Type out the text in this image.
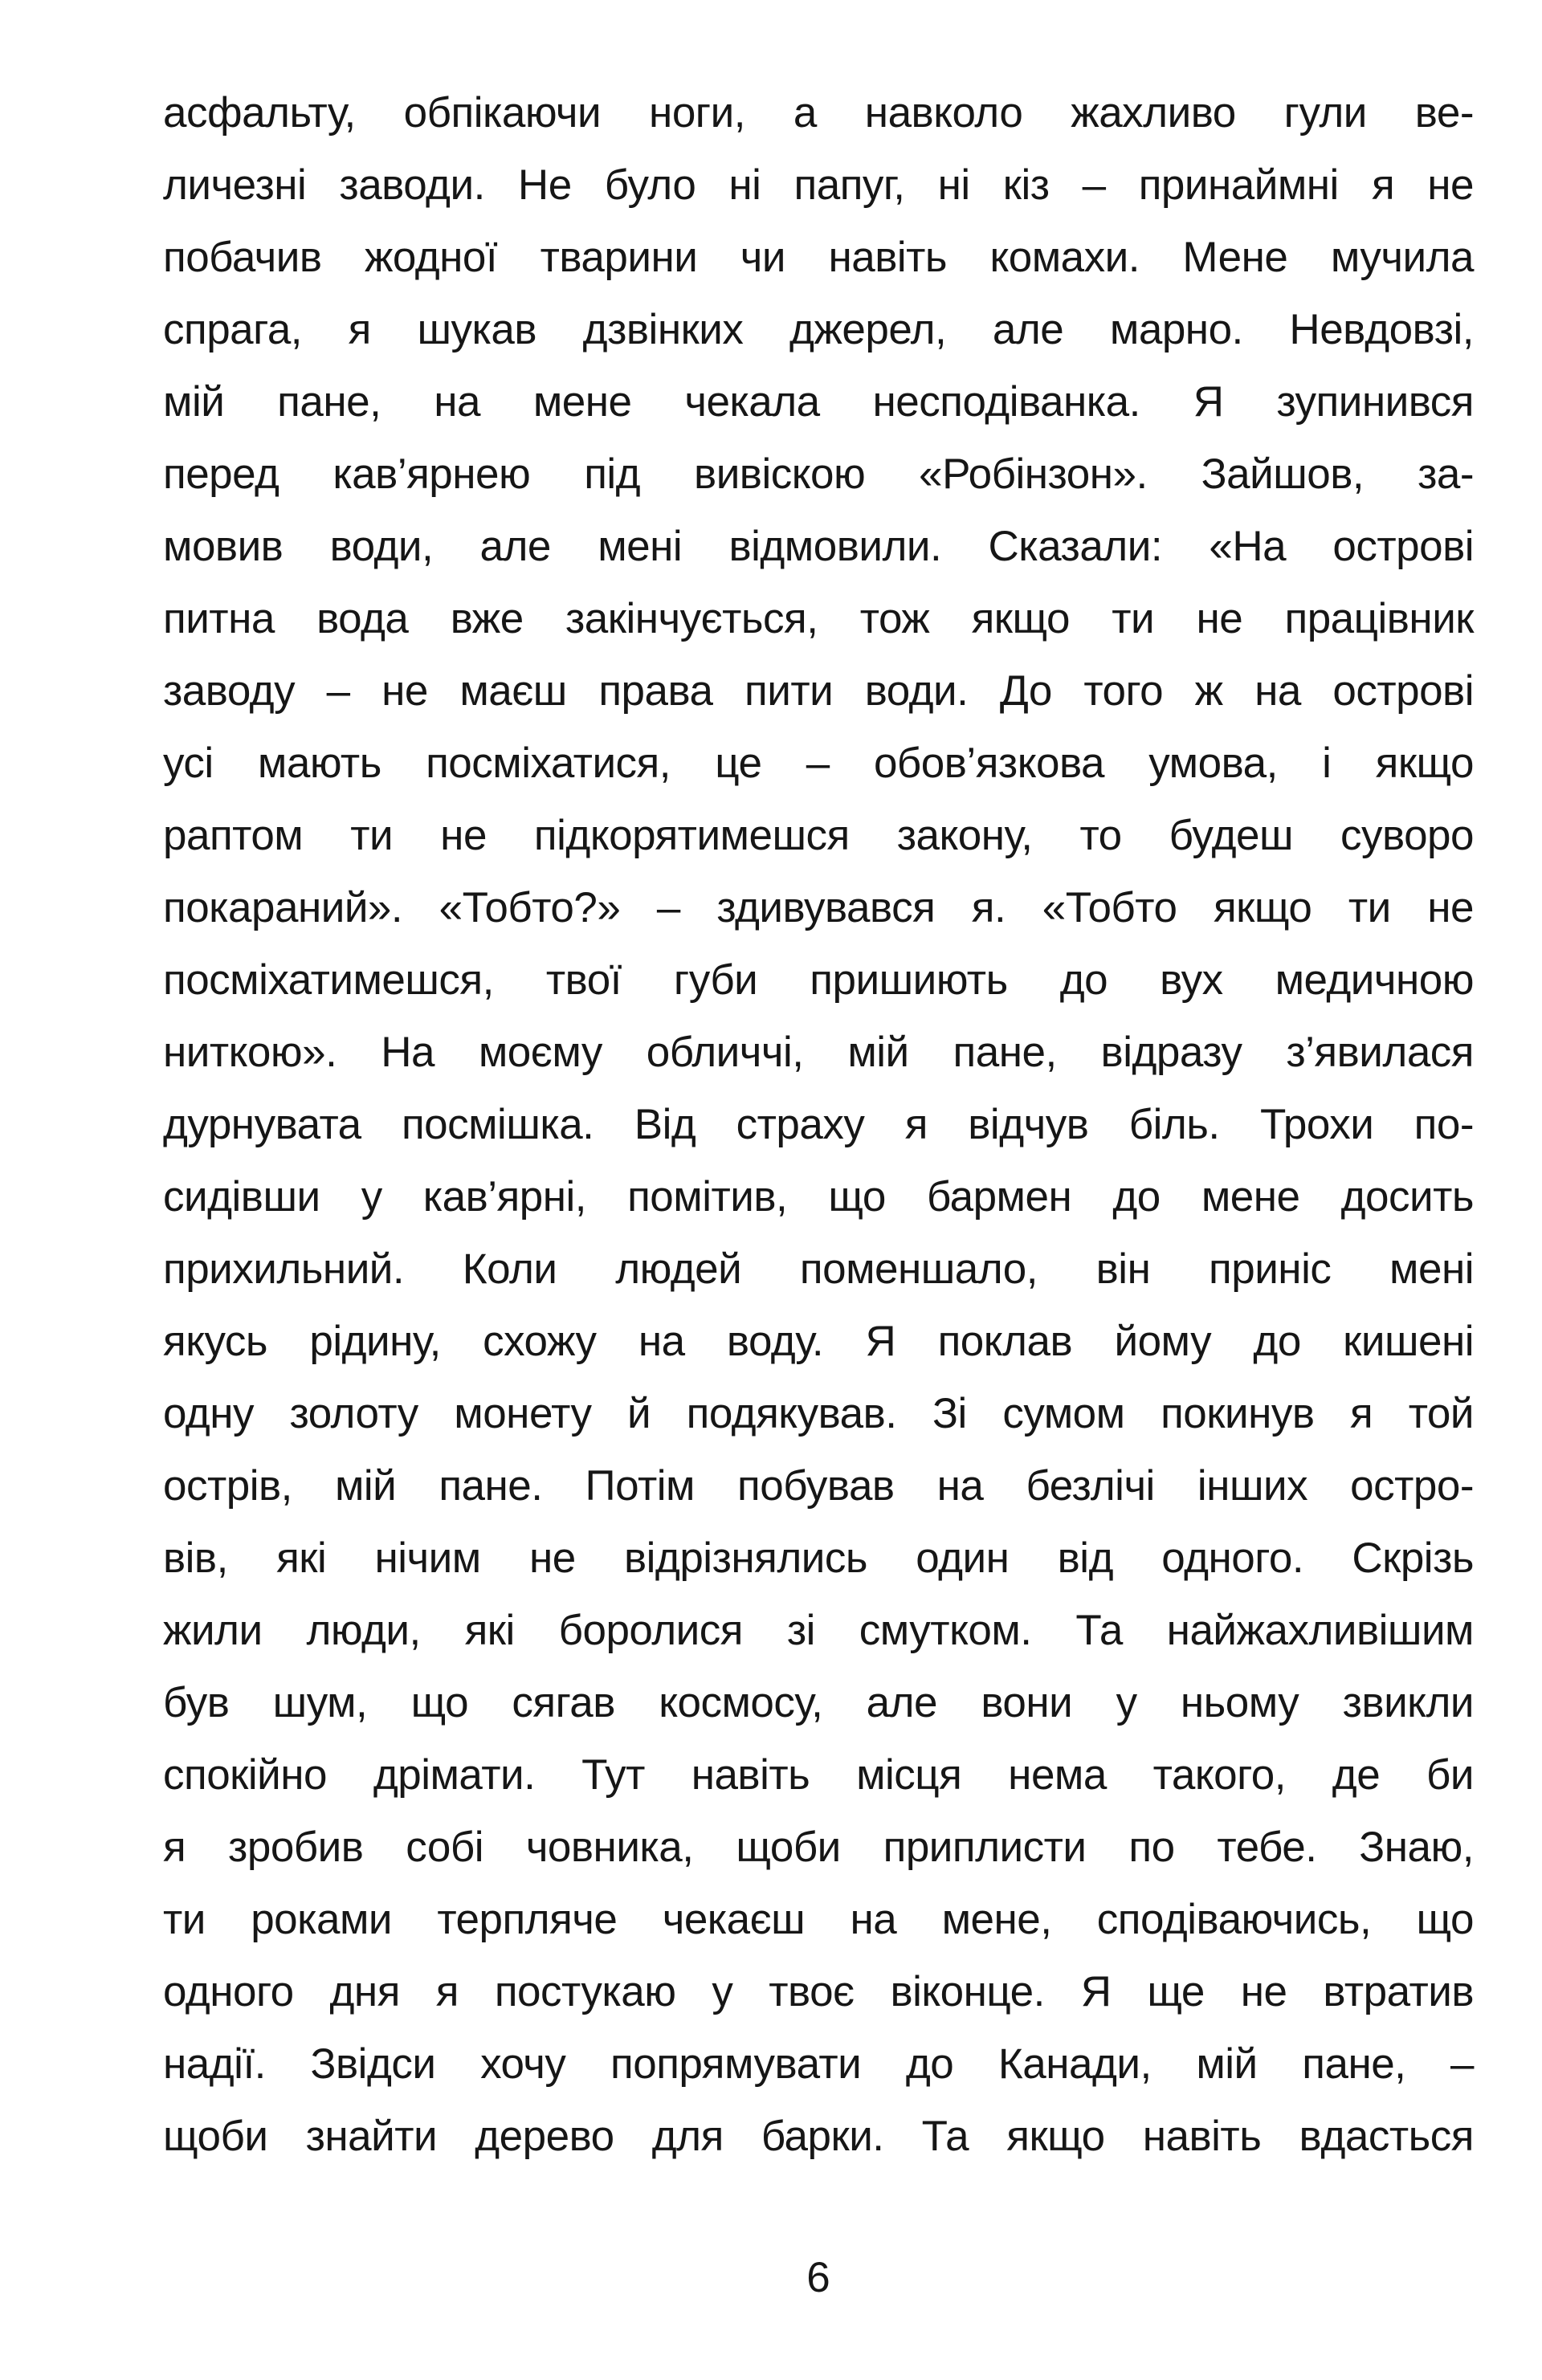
асфальту, обпікаючи ноги, а навколо жахливо гули ве-
личезні заводи. Не було ні папуг, ні кіз – принаймні я не
побачив жодної тварини чи навіть комахи. Мене мучила
спрага, я шукав дзвінких джерел, але марно. Невдовзі,
мій пане, на мене чекала несподіванка. Я зупинився
перед кав’ярнею під вивіскою «Робінзон». Зайшов, за-
мовив води, але мені відмовили. Сказали: «На острові
питна вода вже закінчується, тож якщо ти не працівник
заводу – не маєш права пити води. До того ж на острові
усі мають посміхатися, це – обов’язкова умова, і якщо
раптом ти не підкорятимешся закону, то будеш суворо
покараний». «Тобто?» – здивувався я. «Тобто якщо ти не
посміхатимешся, твої губи пришиють до вух медичною
ниткою». На моєму обличчі, мій пане, відразу з’явилася
дурнувата посмішка. Від страху я відчув біль. Трохи по-
сидівши у кав’ярні, помітив, що бармен до мене досить
прихильний. Коли людей поменшало, він приніс мені
якусь рідину, схожу на воду. Я поклав йому до кишені
одну золоту монету й подякував. Зі сумом покинув я той
острів, мій пане. Потім побував на безлічі інших остро-
вів, які нічим не відрізнялись один від одного. Скрізь
жили люди, які боролися зі смутком. Та найжахливішим
був шум, що сягав космосу, але вони у ньому звикли
спокійно дрімати. Тут навіть місця нема такого, де би
я зробив собі човника, щоби приплисти по тебе. Знаю,
ти роками терпляче чекаєш на мене, сподіваючись, що
одного дня я постукаю у твоє віконце. Я ще не втратив
надії. Звідси хочу попрямувати до Канади, мій пане, –
щоби знайти дерево для барки. Та якщо навіть вдасться
6
